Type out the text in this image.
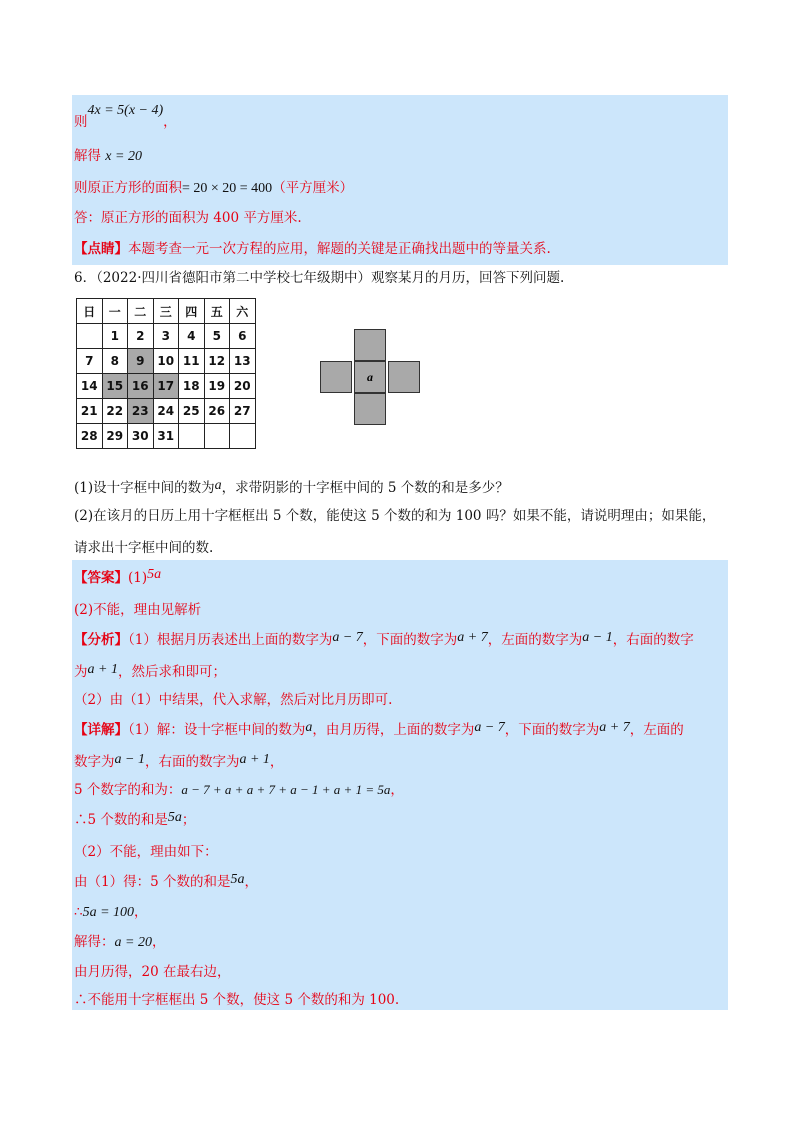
则4x = 5(x − 4)，
解得 x = 20
则原正方形的面积= 20 × 20 = 400（平方厘米）
答：原正方形的面积为 400 平方厘米.
【点睛】本题考查一元一次方程的应用，解题的关键是正确找出题中的等量关系.
6．（2022·四川省德阳市第二中学校七年级期中）观察某月的月历，回答下列问题.
日	一	二	三	四	五	六
	1	2	3	4	5	6
7	8	9	10	11	12	13
14	15	16	17	18	19	20
21	22	23	24	25	26	27
28	29	30	31			
a
(1)设十字框中间的数为a，求带阴影的十字框中间的 5 个数的和是多少？
(2)在该月的日历上用十字框框出 5 个数，能使这 5 个数的和为 100 吗？如果不能，请说明理由；如果能，
请求出十字框中间的数.
【答案】(1)5a
(2)不能，理由见解析
【分析】（1）根据月历表述出上面的数字为a − 7，下面的数字为a + 7，左面的数字为a − 1，右面的数字
为a + 1，然后求和即可；
（2）由（1）中结果，代入求解，然后对比月历即可.
【详解】（1）解：设十字框中间的数为a，由月历得，上面的数字为a − 7，下面的数字为a + 7，左面的
数字为a − 1，右面的数字为a + 1，
5 个数字的和为：a − 7 + a + a + 7 + a − 1 + a + 1 = 5a，
∴5 个数的和是5a；
（2）不能，理由如下：
由（1）得：5 个数的和是5a，
∴5a = 100，
解得：a = 20，
由月历得，20 在最右边，
∴不能用十字框框出 5 个数，使这 5 个数的和为 100.
